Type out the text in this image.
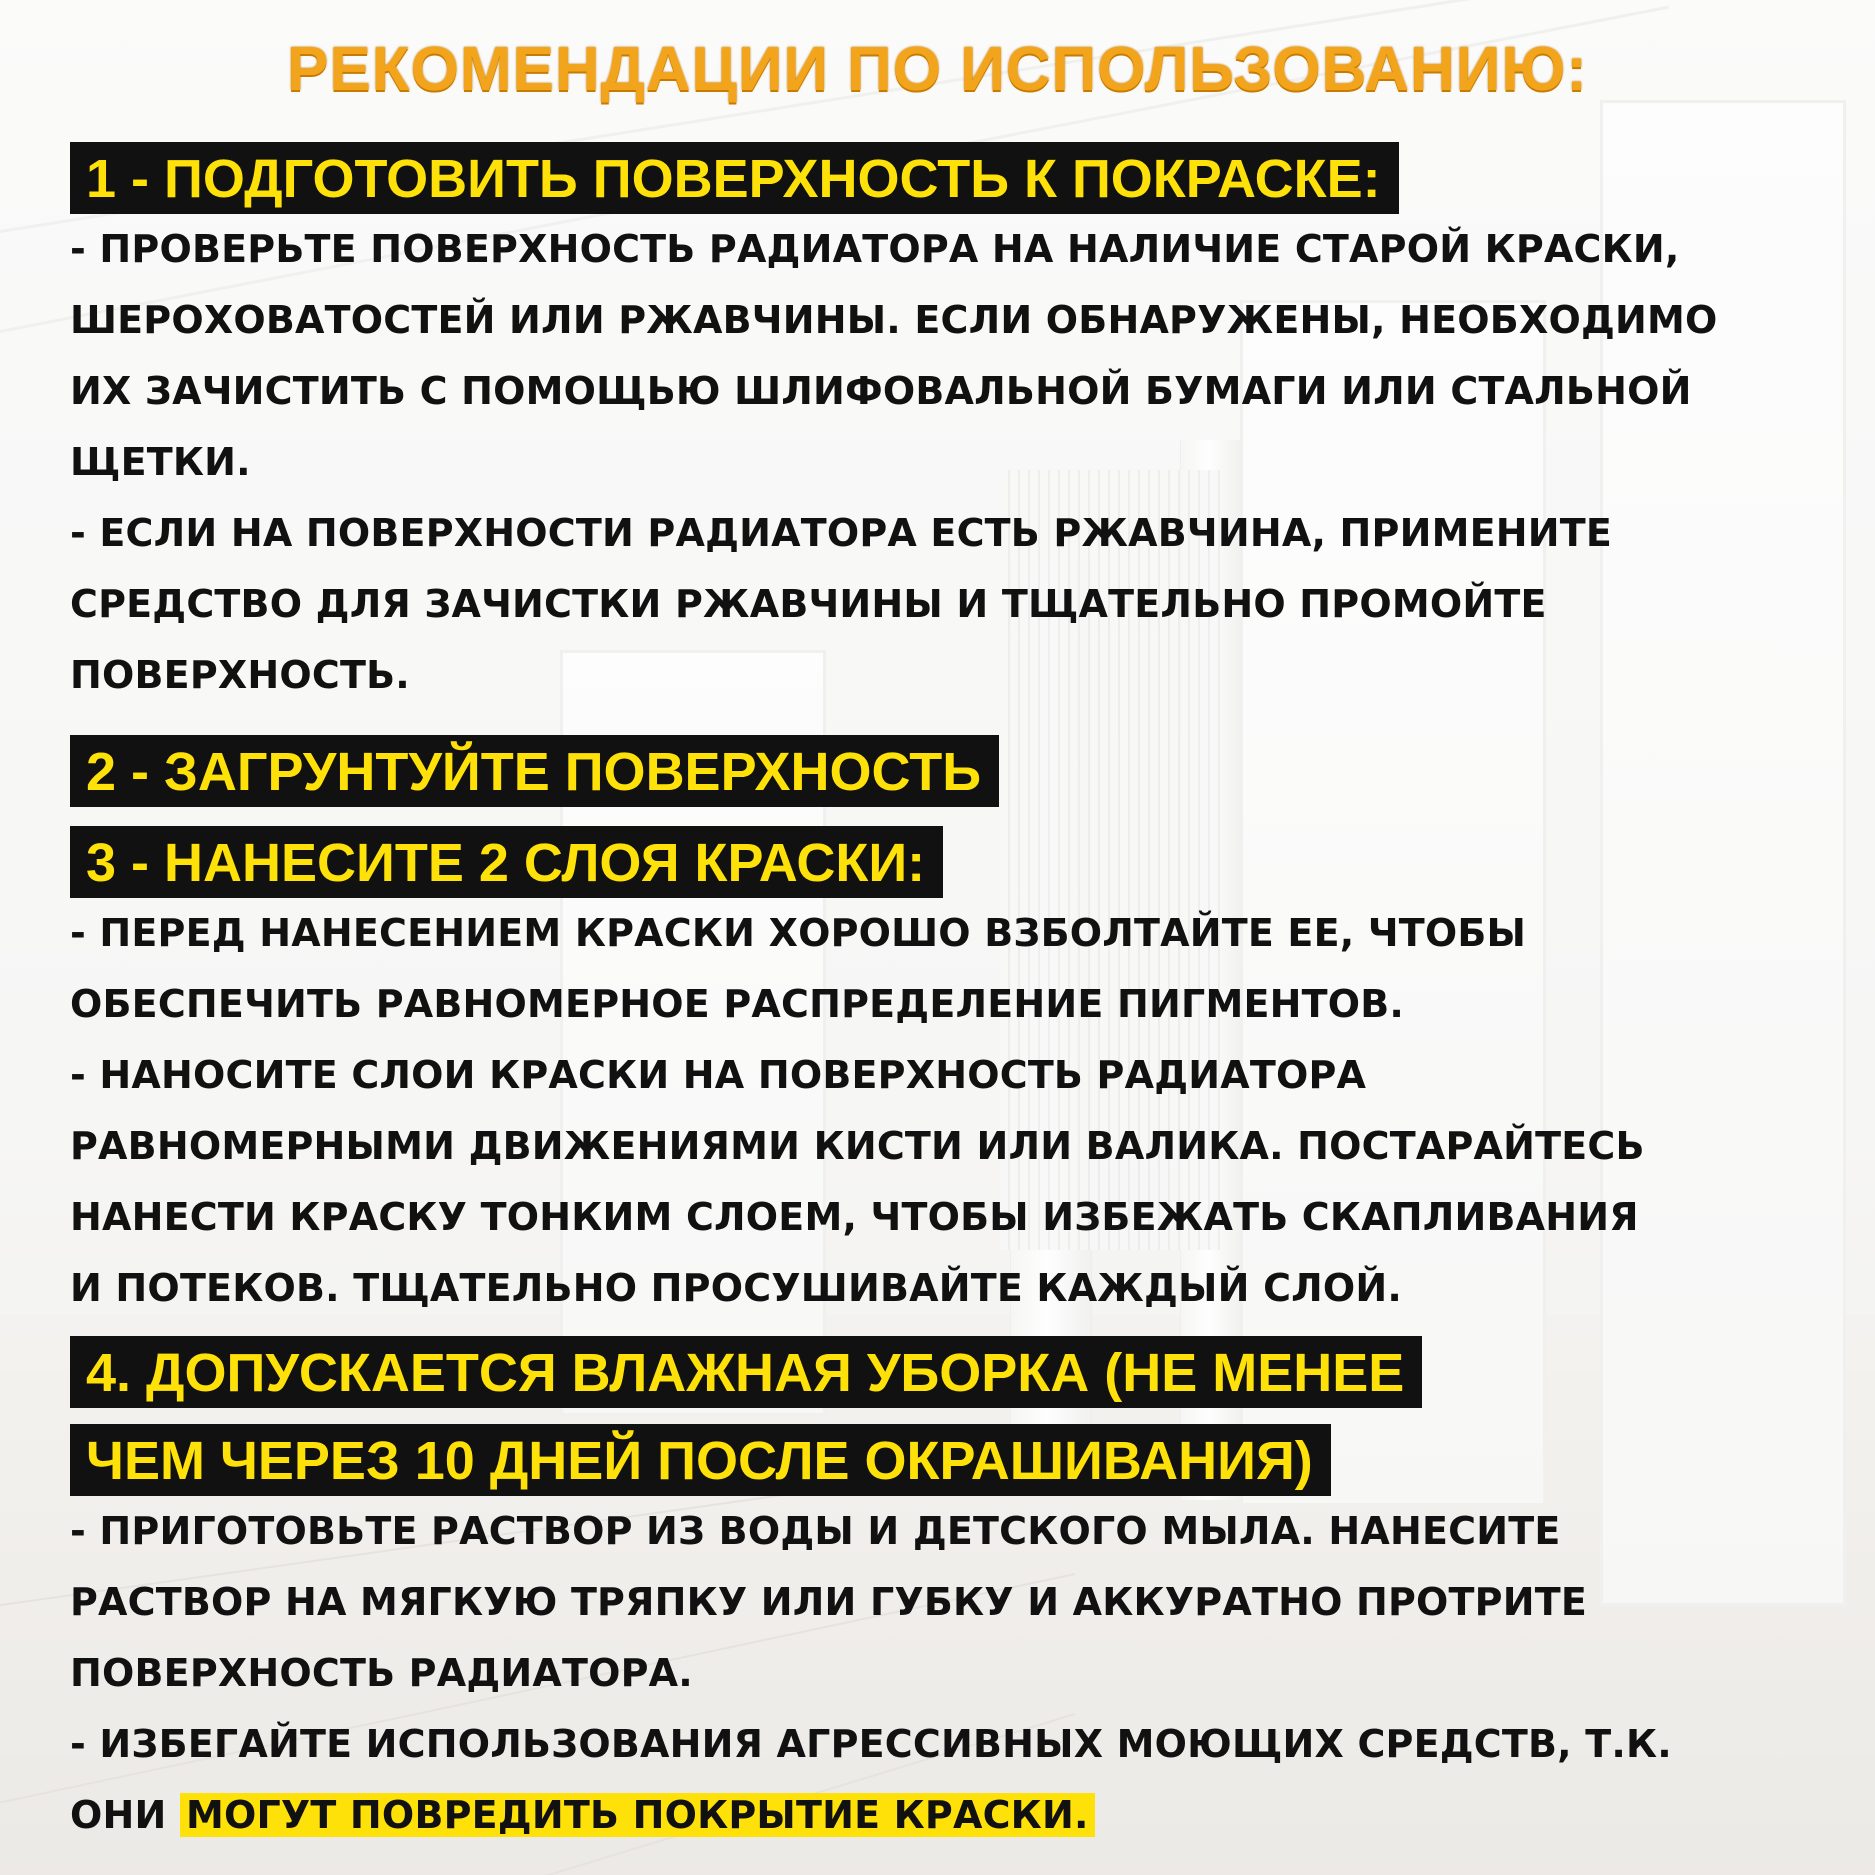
РЕКОМЕНДАЦИИ ПО ИСПОЛЬЗОВАНИЮ:
1 - ПОДГОТОВИТЬ ПОВЕРХНОСТЬ К ПОКРАСКЕ:

- ПРОВЕРЬТЕ ПОВЕРХНОСТЬ РАДИАТОРА НА НАЛИЧИЕ СТАРОЙ КРАСКИ,
ШЕРОХОВАТОСТЕЙ ИЛИ РЖАВЧИНЫ. ЕСЛИ ОБНАРУЖЕНЫ, НЕОБХОДИМО
ИХ ЗАЧИСТИТЬ С ПОМОЩЬЮ ШЛИФОВАЛЬНОЙ БУМАГИ ИЛИ СТАЛЬНОЙ
ЩЕТКИ.
- ЕСЛИ НА ПОВЕРХНОСТИ РАДИАТОРА ЕСТЬ РЖАВЧИНА, ПРИМЕНИТЕ
СРЕДСТВО ДЛЯ ЗАЧИСТКИ РЖАВЧИНЫ И ТЩАТЕЛЬНО ПРОМОЙТЕ
ПОВЕРХНОСТЬ.

2 - ЗАГРУНТУЙТЕ ПОВЕРХНОСТЬ
3 - НАНЕСИТЕ 2 СЛОЯ КРАСКИ:

- ПЕРЕД НАНЕСЕНИЕМ КРАСКИ ХОРОШО ВЗБОЛТАЙТЕ ЕЕ, ЧТОБЫ
ОБЕСПЕЧИТЬ РАВНОМЕРНОЕ РАСПРЕДЕЛЕНИЕ ПИГМЕНТОВ.
- НАНОСИТЕ СЛОИ КРАСКИ НА ПОВЕРХНОСТЬ РАДИАТОРА
РАВНОМЕРНЫМИ ДВИЖЕНИЯМИ КИСТИ ИЛИ ВАЛИКА. ПОСТАРАЙТЕСЬ
НАНЕСТИ КРАСКУ ТОНКИМ СЛОЕМ, ЧТОБЫ ИЗБЕЖАТЬ СКАПЛИВАНИЯ
И ПОТЕКОВ. ТЩАТЕЛЬНО ПРОСУШИВАЙТЕ КАЖДЫЙ СЛОЙ.

4. ДОПУСКАЕТСЯ ВЛАЖНАЯ УБОРКА (НЕ МЕНЕЕ
ЧЕМ ЧЕРЕЗ 10 ДНЕЙ ПОСЛЕ ОКРАШИВАНИЯ)

- ПРИГОТОВЬТЕ РАСТВОР ИЗ ВОДЫ И ДЕТСКОГО МЫЛА. НАНЕСИТЕ
РАСТВОР НА МЯГКУЮ ТРЯПКУ ИЛИ ГУБКУ И АККУРАТНО ПРОТРИТЕ
ПОВЕРХНОСТЬ РАДИАТОРА.
- ИЗБЕГАЙТЕ ИСПОЛЬЗОВАНИЯ АГРЕССИВНЫХ МОЮЩИХ СРЕДСТВ, Т.К.

ОНИ МОГУТ ПОВРЕДИТЬ ПОКРЫТИЕ КРАСКИ.
